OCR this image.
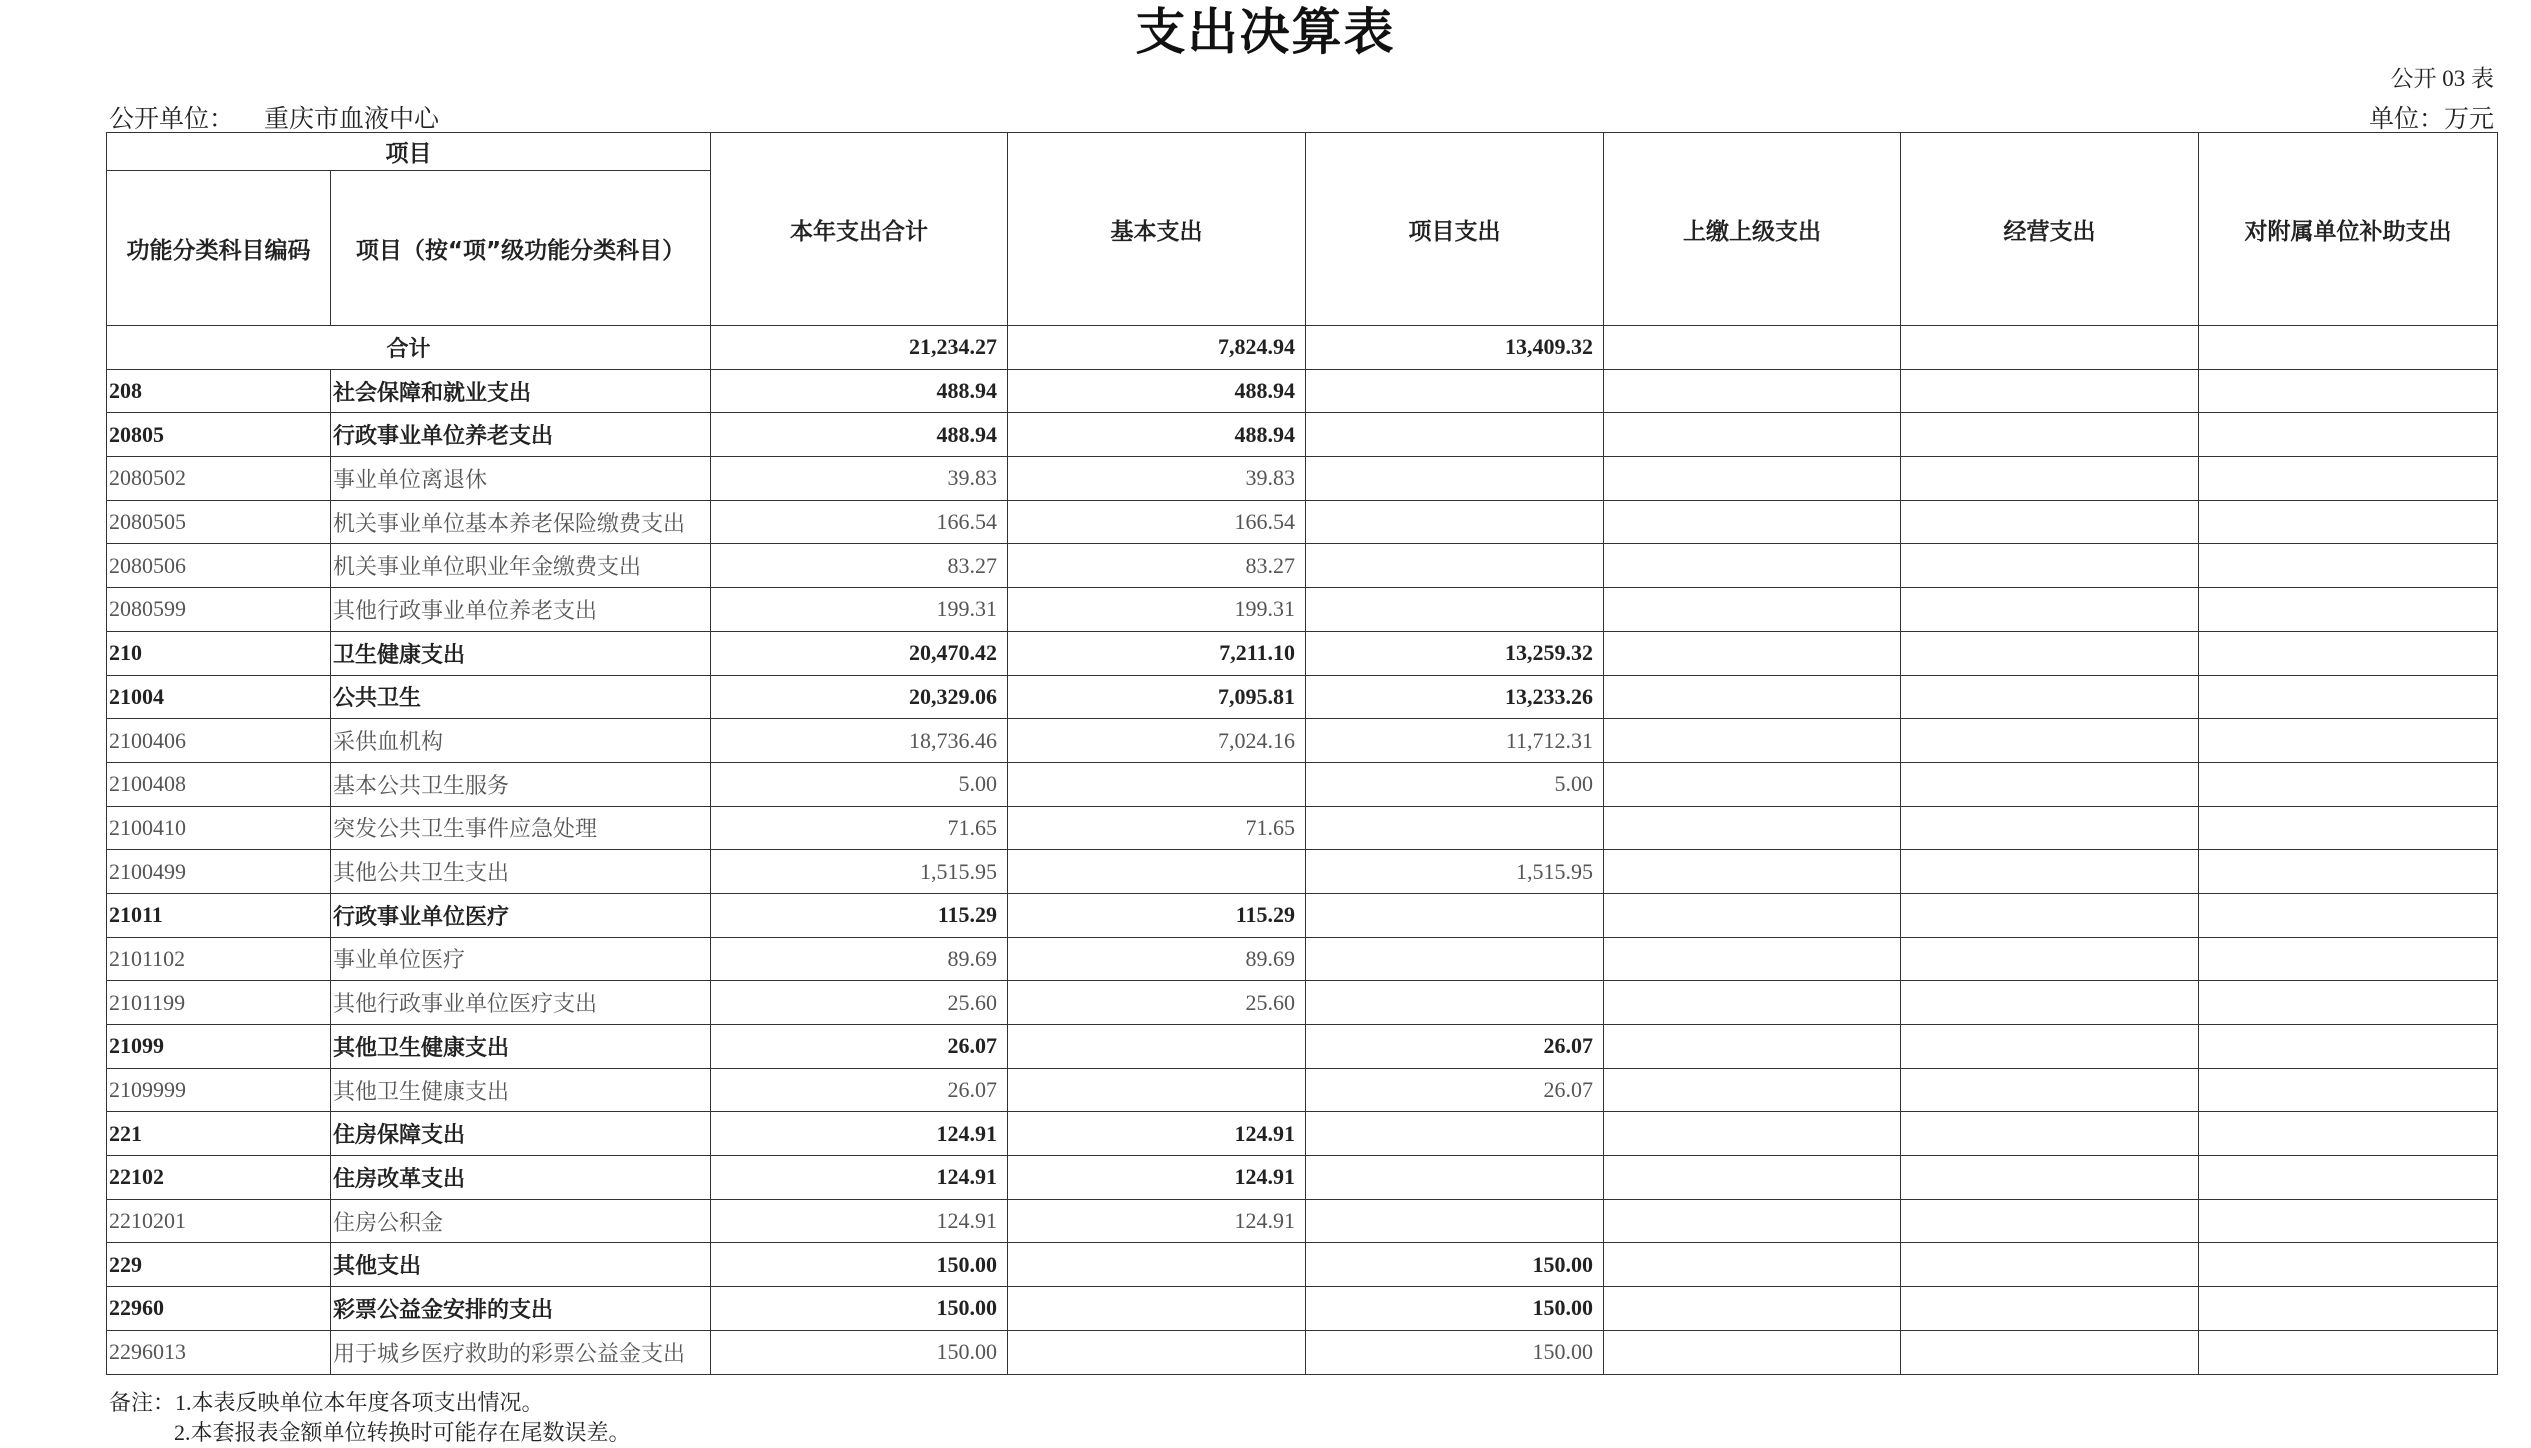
支出决算表
公开 03 表
公开单位： 重庆市血液中心	单位：万元
项目		本年支出合计	基本支出	项目支出	上缴上级支出	经营支出	对附属单位补助支出
功能分类科目编码	项目（按“项”级功能分类科目）						
合计		21,234.27	7,824.94	13,409.32			
208	社会保障和就业支出	488.94	488.94				
20805	行政事业单位养老支出	488.94	488.94				
2080502	事业单位离退休	39.83	39.83				
2080505	机关事业单位基本养老保险缴费支出	166.54	166.54				
2080506	机关事业单位职业年金缴费支出	83.27	83.27				
2080599	其他行政事业单位养老支出	199.31	199.31				
210	卫生健康支出	20,470.42	7,211.10	13,259.32			
21004	公共卫生	20,329.06	7,095.81	13,233.26			
2100406	采供血机构	18,736.46	7,024.16	11,712.31			
2100408	基本公共卫生服务	5.00		5.00			
2100410	突发公共卫生事件应急处理	71.65	71.65				
2100499	其他公共卫生支出	1,515.95		1,515.95			
21011	行政事业单位医疗	115.29	115.29				
2101102	事业单位医疗	89.69	89.69				
2101199	其他行政事业单位医疗支出	25.60	25.60				
21099	其他卫生健康支出	26.07		26.07			
2109999	其他卫生健康支出	26.07		26.07			
221	住房保障支出	124.91	124.91				
22102	住房改革支出	124.91	124.91				
2210201	住房公积金	124.91	124.91				
229	其他支出	150.00		150.00			
22960	彩票公益金安排的支出	150.00		150.00			
2296013	用于城乡医疗救助的彩票公益金支出	150.00		150.00			
备注：1.本表反映单位本年度各项支出情况。
2.本套报表金额单位转换时可能存在尾数误差。
